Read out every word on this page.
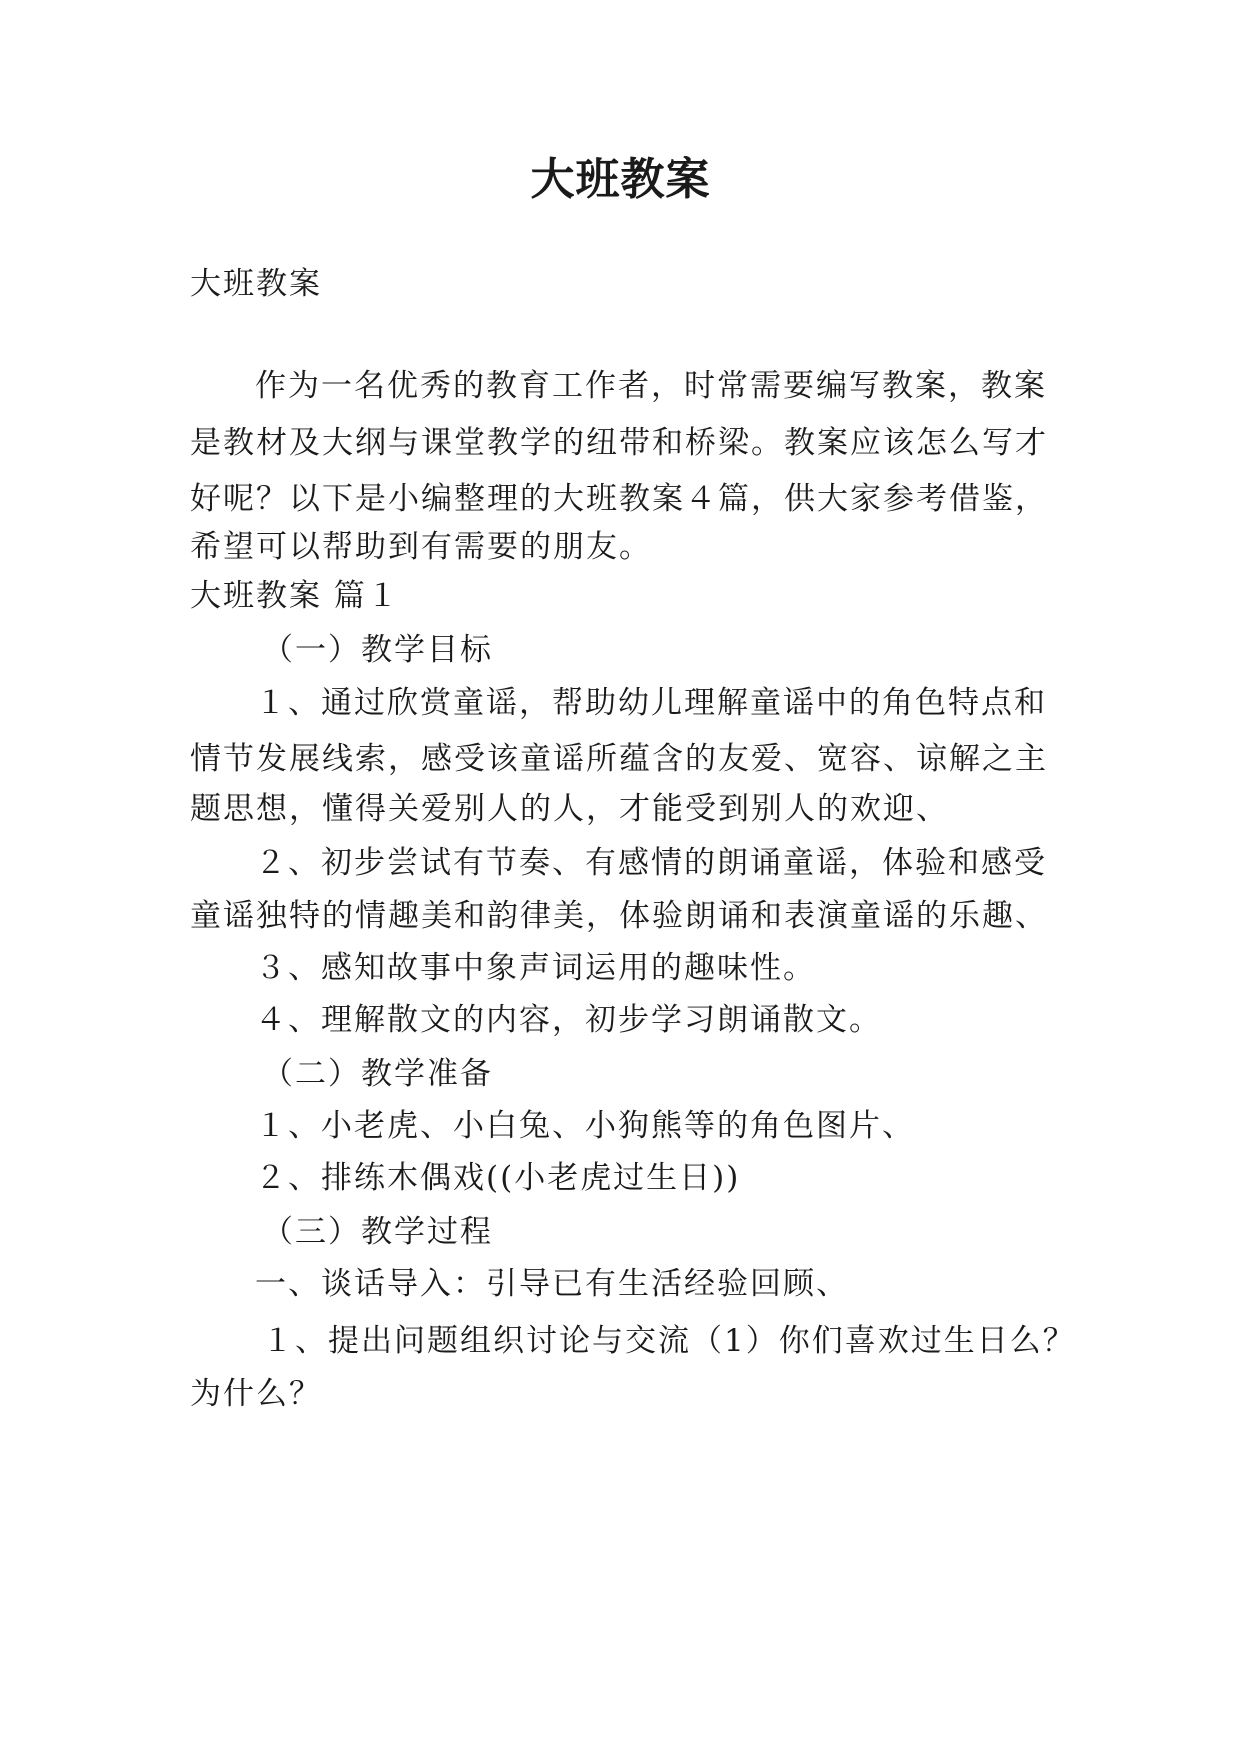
大班教案
大班教案
作为一名优秀的教育工作者，时常需要编写教案，教案
是教材及大纲与课堂教学的纽带和桥梁。教案应该怎么写才
好呢？以下是小编整理的大班教案４篇，供大家参考借鉴，
希望可以帮助到有需要的朋友。
大班教案 篇１
（一）教学目标
１、通过欣赏童谣，帮助幼儿理解童谣中的角色特点和
情节发展线索，感受该童谣所蕴含的友爱、宽容、谅解之主
题思想，懂得关爱别人的人，才能受到别人的欢迎、
２、初步尝试有节奏、有感情的朗诵童谣，体验和感受
童谣独特的情趣美和韵律美，体验朗诵和表演童谣的乐趣、
３、感知故事中象声词运用的趣味性。
４、理解散文的内容，初步学习朗诵散文。
（二）教学准备
１、小老虎、小白兔、小狗熊等的角色图片、
２、排练木偶戏((小老虎过生日))
（三）教学过程
一、谈话导入：引导已有生活经验回顾、
１、提出问题组织讨论与交流（1）你们喜欢过生日么？
为什么？
